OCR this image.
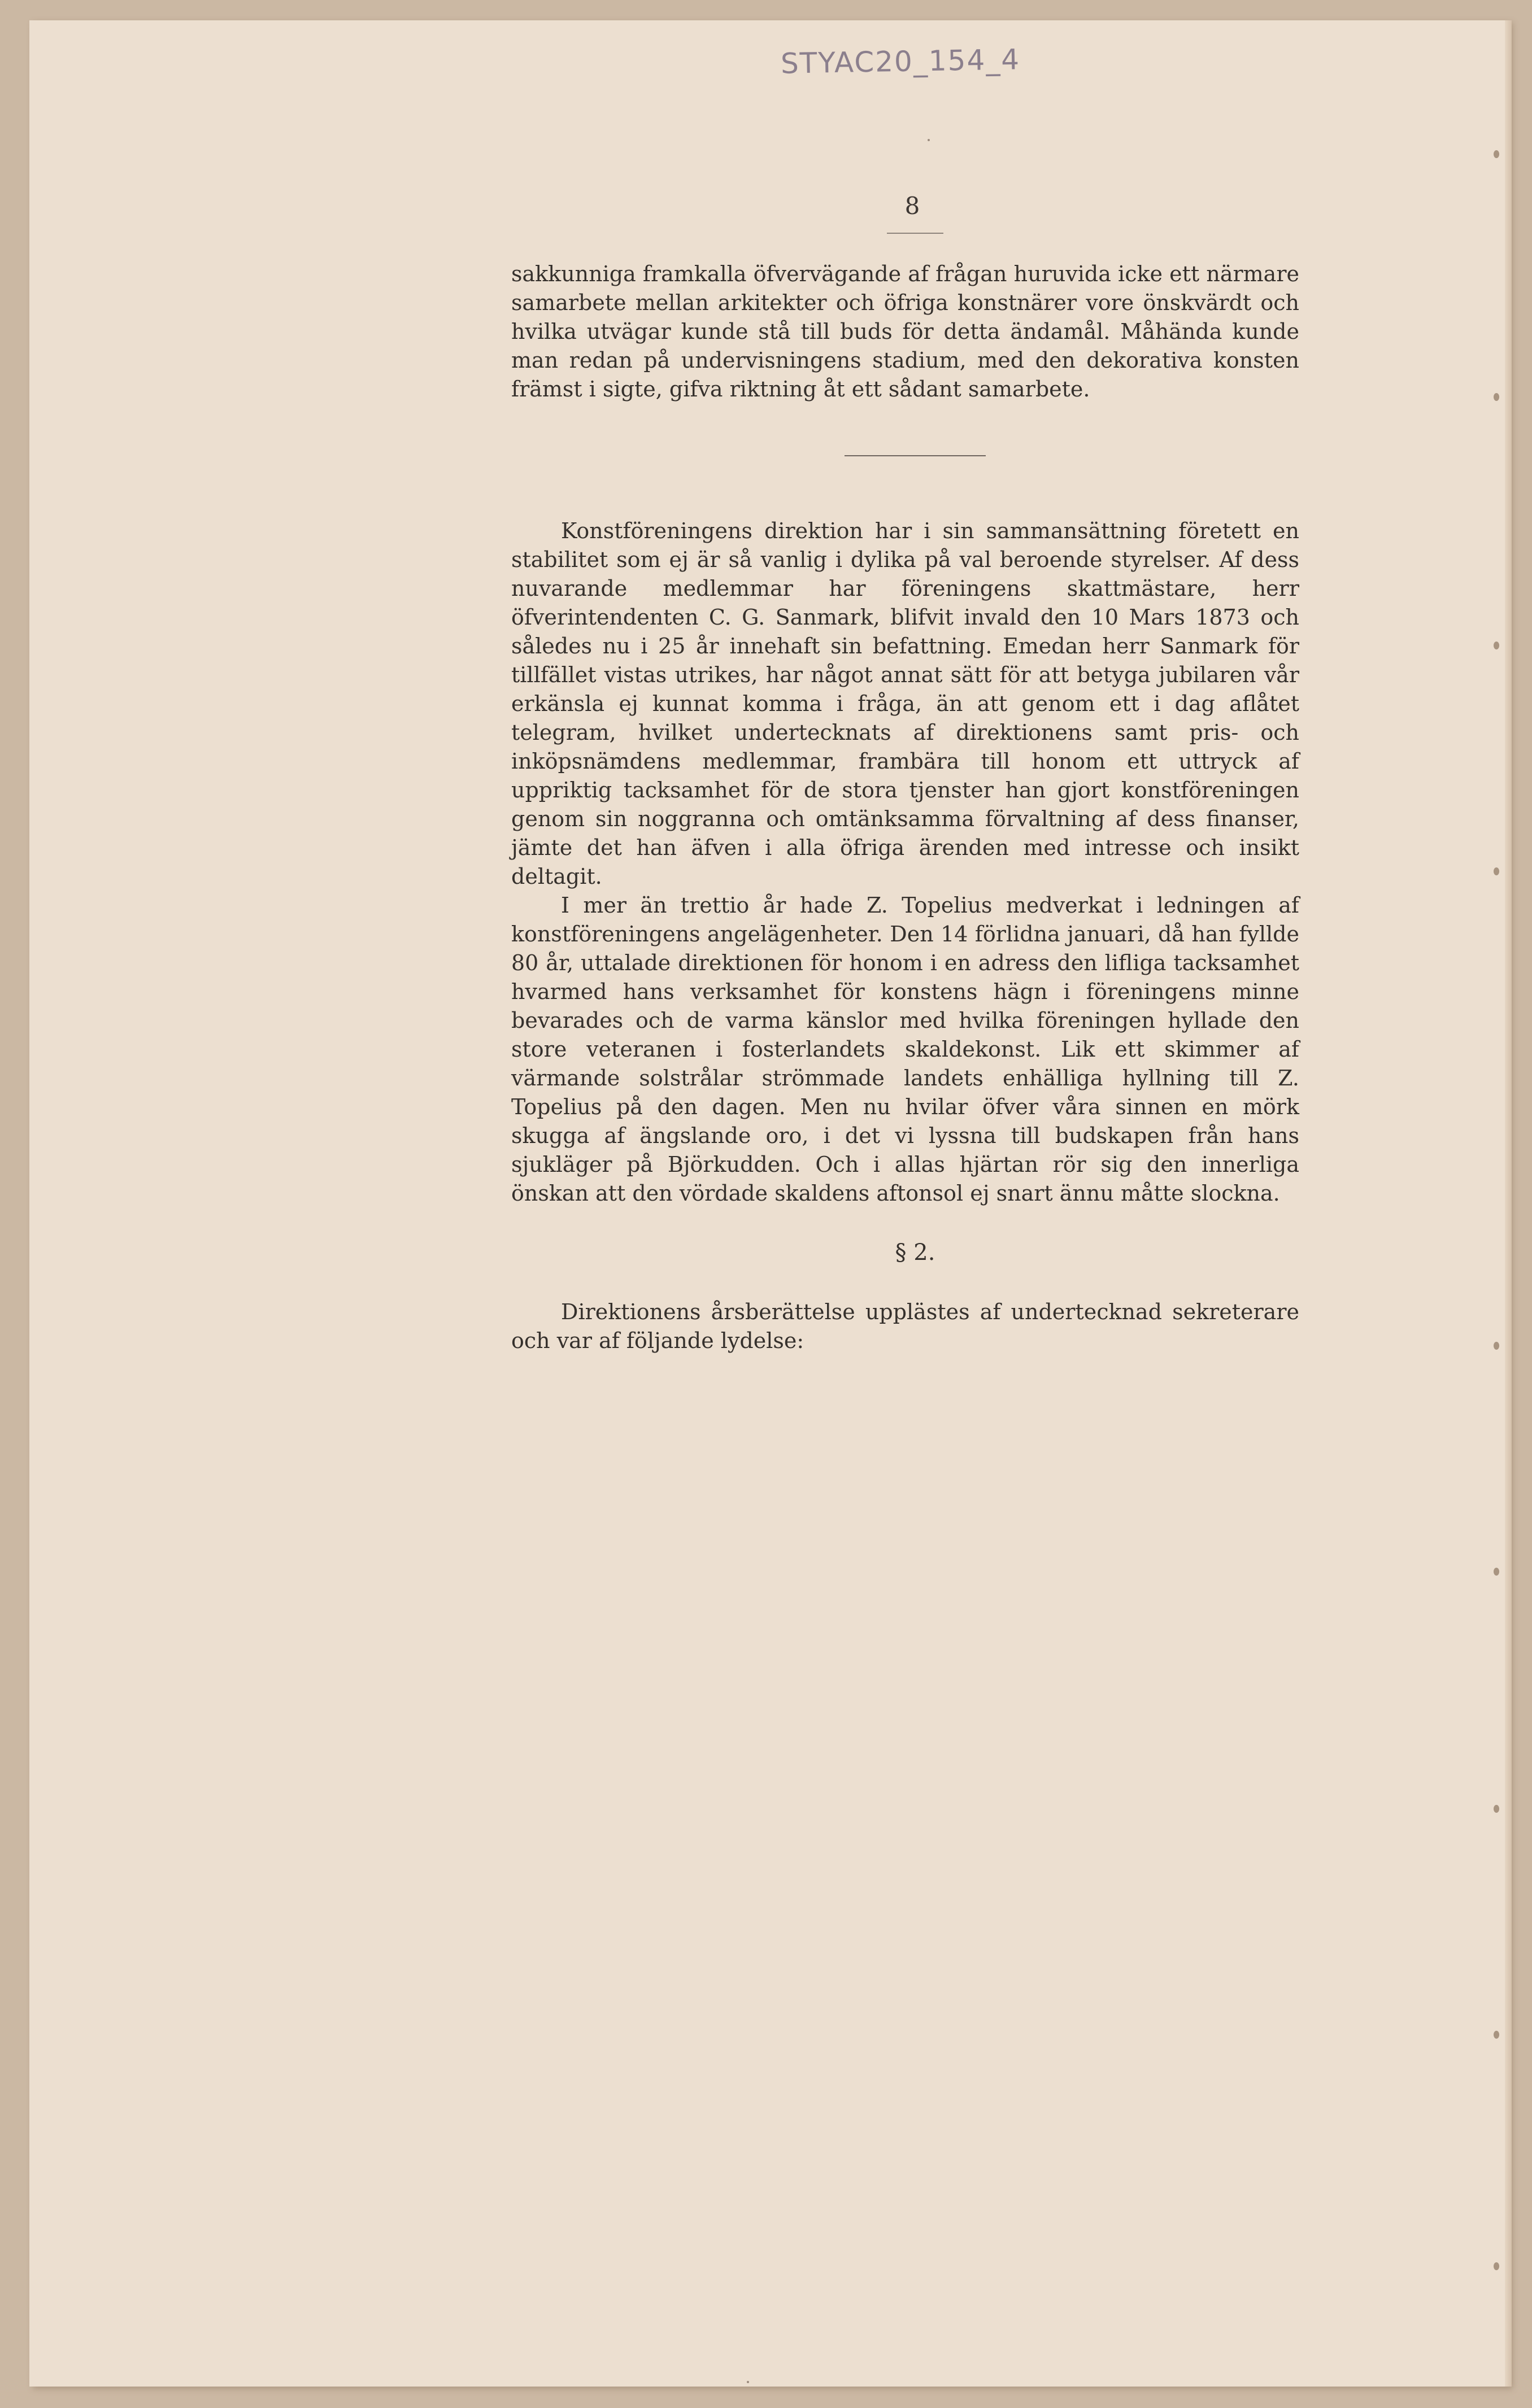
STYAC20_154_4
8

sakkunniga framkalla öfvervägande af frågan huruvida icke ett närmare samarbete mellan arkitekter och öfriga konstnärer vore önskvärdt och hvilka utvägar kunde stå till buds för detta ändamål. Måhända kunde man redan på undervisningens stadium, med den dekorativa konsten främst i sigte, gifva riktning åt ett sådant samarbete.

Konstföreningens direktion har i sin sammansättning företett en stabilitet som ej är så vanlig i dylika på val beroende styrelser. Af dess nuvarande medlemmar har föreningens skattmästare, herr öfverintendenten C. G. Sanmark, blifvit invald den 10 Mars 1873 och således nu i 25 år innehaft sin befattning. Emedan herr Sanmark för tillfället vistas utrikes, har något annat sätt för att betyga jubilaren vår erkänsla ej kunnat komma i fråga, än att genom ett i dag aflåtet telegram, hvilket undertecknats af direktionens samt pris- och inköpsnämdens medlemmar, frambära till honom ett uttryck af uppriktig tacksamhet för de stora tjenster han gjort konstföreningen genom sin noggranna och omtänksamma förvaltning af dess finanser, jämte det han äfven i alla öfriga ärenden med intresse och insikt deltagit.

I mer än trettio år hade Z. Topelius medverkat i ledningen af konstföreningens angelägenheter. Den 14 förlidna januari, då han fyllde 80 år, uttalade direktionen för honom i en adress den lifliga tacksamhet hvarmed hans verksamhet för konstens hägn i föreningens minne bevarades och de varma känslor med hvilka föreningen hyllade den store veteranen i fosterlandets skaldekonst. Lik ett skimmer af värmande solstrålar strömmade landets enhälliga hyllning till Z. Topelius på den dagen. Men nu hvilar öfver våra sinnen en mörk skugga af ängslande oro, i det vi lyssna till budskapen från hans sjukläger på Björkudden. Och i allas hjärtan rör sig den innerliga önskan att den vördade skaldens aftonsol ej snart ännu måtte slockna.

§ 2.

Direktionens årsberättelse upplästes af undertecknad sekreterare och var af följande lydelse:
